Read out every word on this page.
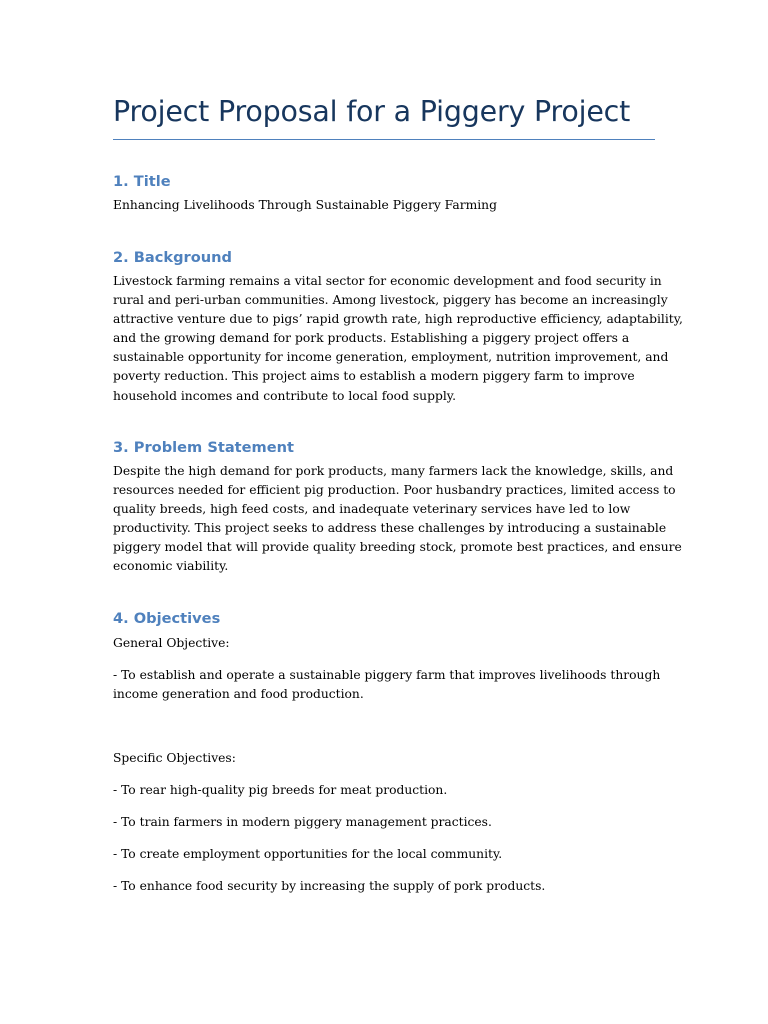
Project Proposal for a Piggery Project
1. Title

Enhancing Livelihoods Through Sustainable Piggery Farming

2. Background

Livestock farming remains a vital sector for economic development and food security in
rural and peri-urban communities. Among livestock, piggery has become an increasingly
attractive venture due to pigs’ rapid growth rate, high reproductive efficiency, adaptability,
and the growing demand for pork products. Establishing a piggery project offers a
sustainable opportunity for income generation, employment, nutrition improvement, and
poverty reduction. This project aims to establish a modern piggery farm to improve
household incomes and contribute to local food supply.

3. Problem Statement

Despite the high demand for pork products, many farmers lack the knowledge, skills, and
resources needed for efficient pig production. Poor husbandry practices, limited access to
quality breeds, high feed costs, and inadequate veterinary services have led to low
productivity. This project seeks to address these challenges by introducing a sustainable
piggery model that will provide quality breeding stock, promote best practices, and ensure
economic viability.

4. Objectives

General Objective:

- To establish and operate a sustainable piggery farm that improves livelihoods through
income generation and food production.

Specific Objectives:

- To rear high-quality pig breeds for meat production.

- To train farmers in modern piggery management practices.

- To create employment opportunities for the local community.

- To enhance food security by increasing the supply of pork products.
